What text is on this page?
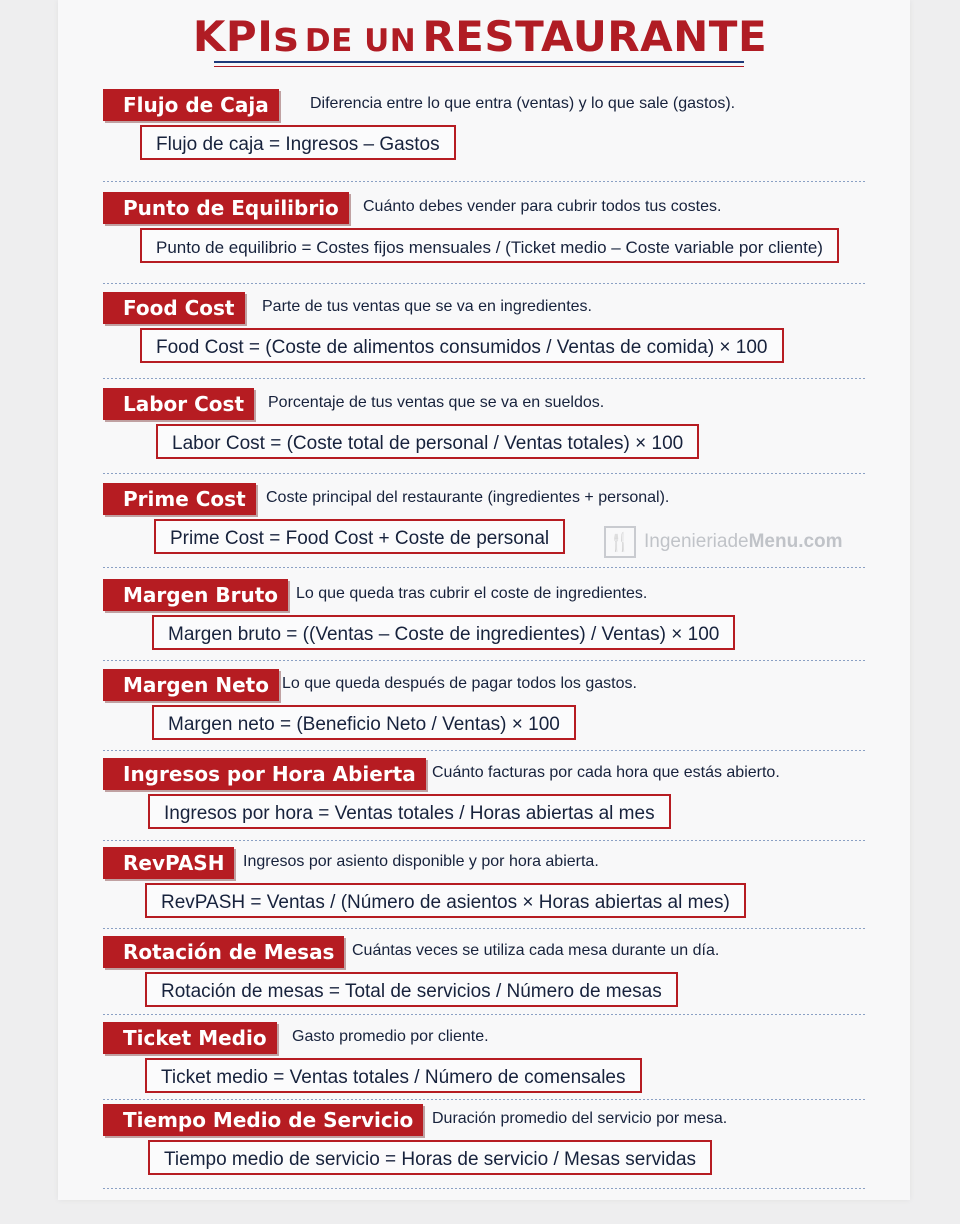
KPIs DE UN RESTAURANTE
🍴 Ingenieriade Menu.com
Flujo de Caja	Diferencia entre lo que entra (ventas) y lo que sale (gastos).
Flujo de caja = Ingresos – Gastos
Punto de Equilibrio	Cuánto debes vender para cubrir todos tus costes.
Punto de equilibrio = Costes fijos mensuales / (Ticket medio – Coste variable por cliente)
Food Cost	Parte de tus ventas que se va en ingredientes.
Food Cost = (Coste de alimentos consumidos / Ventas de comida) × 100
Labor Cost	Porcentaje de tus ventas que se va en sueldos.
Labor Cost = (Coste total de personal / Ventas totales) × 100
Prime Cost	Coste principal del restaurante (ingredientes + personal).
Prime Cost = Food Cost + Coste de personal
Margen Bruto	Lo que queda tras cubrir el coste de ingredientes.
Margen bruto = ((Ventas – Coste de ingredientes) / Ventas) × 100
Margen Neto Lo que queda después de pagar todos los gastos.
Margen neto = (Beneficio Neto / Ventas) × 100
Ingresos por Hora Abierta	Cuánto facturas por cada hora que estás abierto.
Ingresos por hora = Ventas totales / Horas abiertas al mes
RevPASH	Ingresos por asiento disponible y por hora abierta.
RevPASH = Ventas / (Número de asientos × Horas abiertas al mes)
Rotación de Mesas	Cuántas veces se utiliza cada mesa durante un día.
Rotación de mesas = Total de servicios / Número de mesas
Ticket Medio	Gasto promedio por cliente.
Ticket medio = Ventas totales / Número de comensales
Tiempo Medio de Servicio	Duración promedio del servicio por mesa.
Tiempo medio de servicio = Horas de servicio / Mesas servidas
